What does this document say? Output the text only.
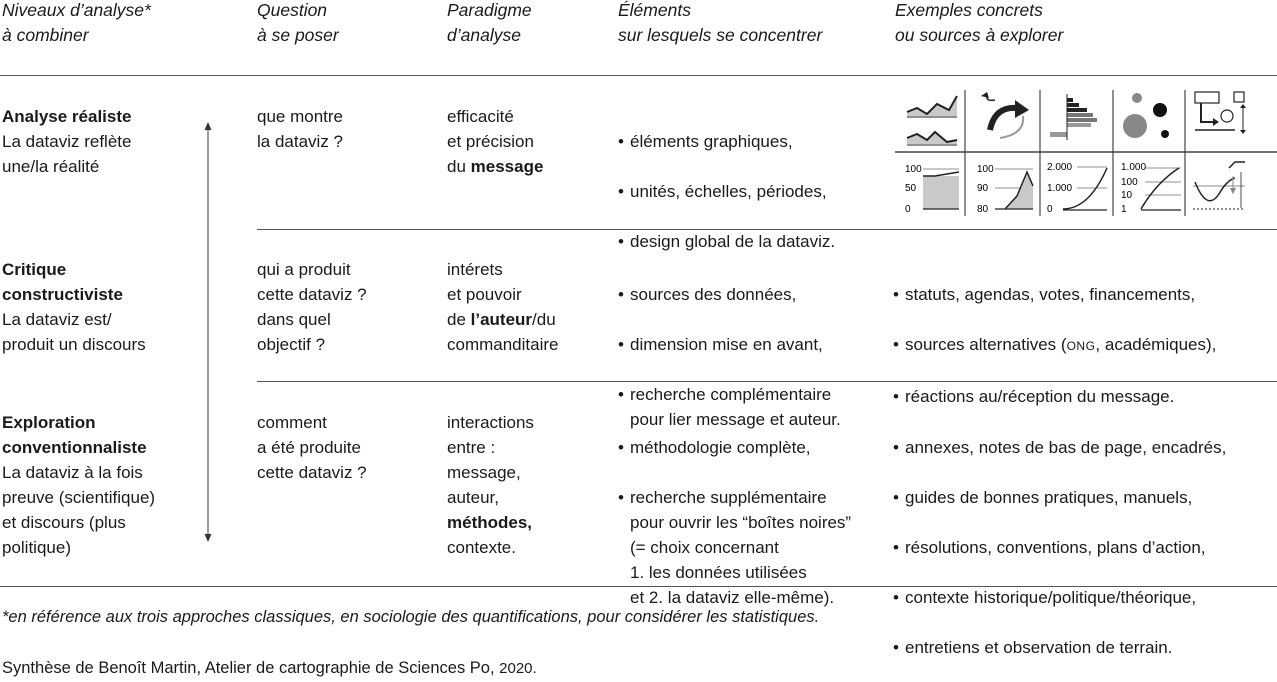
Niveaux d’analyse*
à combiner
Question
à se poser
Paradigme
d’analyse
Éléments
sur lesquels se concentrer
Exemples concrets
ou sources à explorer
Analyse réaliste
La dataviz reflète
une/la réalité
que montre
la dataviz ?
efficacité
et précision
du message

• éléments graphiques,

• unités, échelles, périodes,

• design global de la dataviz.

100
50
0
100
90
80
2.000
1.000
0
1.000
100
10
1
Critique
constructiviste
La dataviz est/
produit un discours
qui a produit
cette dataviz ?
dans quel
objectif ?
intérets
et pouvoir
de l’auteur/du
commanditaire

• sources des données,

• dimension mise en avant,

• recherche complémentaire
pour lier message et auteur.

• statuts, agendas, votes, financements,

• sources alternatives (ONG, académiques),

• réactions au/réception du message.

Exploration
conventionnaliste
La dataviz à la fois
preuve (scientifique)
et discours (plus
politique)
comment
a été produite
cette dataviz ?
interactions
entre :
message,
auteur,
méthodes,
contexte.

• méthodologie complète,

• recherche supplémentaire
pour ouvrir les “boîtes noires”
(= choix concernant
1. les données utilisées
et 2. la dataviz elle-même).

• annexes, notes de bas de page, encadrés,

• guides de bonnes pratiques, manuels,

• résolutions, conventions, plans d’action,

• contexte historique/politique/théorique,

• entretiens et observation de terrain.

*en référence aux trois approches classiques, en sociologie des quantifications, pour considérer les statistiques.
Synthèse de Benoît Martin, Atelier de cartographie de Sciences Po, 2020.
